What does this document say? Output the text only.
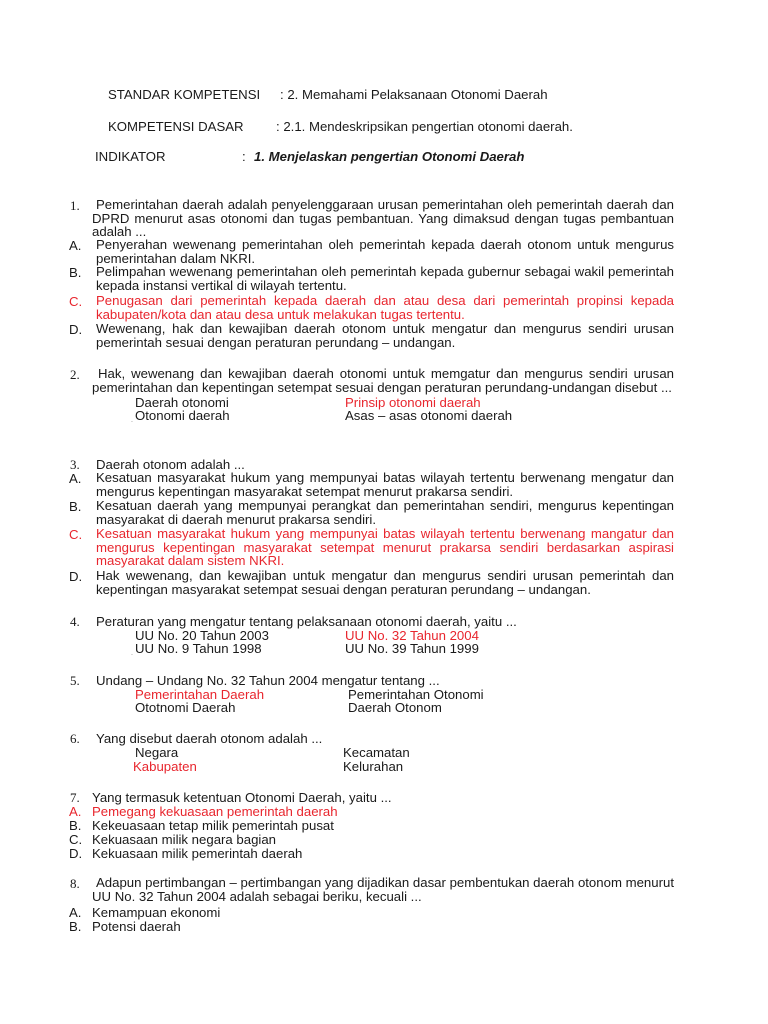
STANDAR KOMPETENSI : 2. Memahami Pelaksanaan Otonomi Daerah
KOMPETENSI DASAR : 2.1. Mendeskripsikan pengertian otonomi daerah.
INDIKATOR	: 1. Menjelaskan pengertian Otonomi Daerah
1.	Pemerintahan daerah adalah penyelenggaraan urusan pemerintahan oleh pemerintah daerah dan DPRD menurut asas otonomi dan tugas pembantuan. Yang dimaksud dengan tugas pembantuan adalah ...
A. Penyerahan wewenang pemerintahan oleh pemerintah kepada daerah otonom untuk mengurus pemerintahan dalam NKRI.
B. Pelimpahan wewenang pemerintahan oleh pemerintah kepada gubernur sebagai wakil pemerintah kepada instansi vertikal di wilayah tertentu.
C. Penugasan dari pemerintah kepada daerah dan atau desa dari pemerintah propinsi kepada kabupaten/kota dan atau desa untuk melakukan tugas tertentu.
D. Wewenang, hak dan kewajiban daerah otonom untuk mengatur dan mengurus sendiri urusan pemerintah sesuai dengan peraturan perundang – undangan.
2.	Hak, wewenang dan kewajiban daerah otonomi untuk memgatur dan mengurus sendiri urusan pemerintahan dan kepentingan setempat sesuai dengan peraturan perundang-undangan disebut ...
Daerah otonomi	Prinsip otonomi daerah
. Otonomi daerah	Asas – asas otonomi daerah
3. Daerah otonom adalah ...
A. Kesatuan masyarakat hukum yang mempunyai batas wilayah tertentu berwenang mengatur dan mengurus kepentingan masyarakat setempat menurut prakarsa sendiri.
B. Kesatuan daerah yang mempunyai perangkat dan pemerintahan sendiri, mengurus kepentingan masyarakat di daerah menurut prakarsa sendiri.
C. Kesatuan masyarakat hukum yang mempunyai batas wilayah tertentu berwenang mangatur dan mengurus kepentingan masyarakat setempat menurut prakarsa sendiri berdasarkan aspirasi masyarakat dalam sistem NKRI.
D. Hak wewenang, dan kewajiban untuk mengatur dan mengurus sendiri urusan pemerintah dan kepentingan masyarakat setempat sesuai dengan peraturan perundang – undangan.
4. Peraturan yang mengatur tentang pelaksanaan otonomi daerah, yaitu ...
UU No. 20 Tahun 2003	UU No. 32 Tahun 2004
. UU No. 9 Tahun 1998	UU No. 39 Tahun 1999
5. Undang – Undang No. 32 Tahun 2004 mengatur tentang ...
Pemerintahan Daerah	Pemerintahan Otonomi
Ototnomi Daerah	Daerah Otonom
6. Yang disebut daerah otonom adalah ...
Negara	Kecamatan
Kabupaten	Kelurahan
7. Yang termasuk ketentuan Otonomi Daerah, yaitu ...
A. Pemegang kekuasaan pemerintah daerah
B. Kekeuasaan tetap milik pemerintah pusat
C. Kekuasaan milik negara bagian
D. Kekuasaan milik pemerintah daerah
8.	Adapun pertimbangan – pertimbangan yang dijadikan dasar pembentukan daerah otonom menurut UU No. 32 Tahun 2004 adalah sebagai beriku, kecuali ...
A. Kemampuan ekonomi
B. Potensi daerah
